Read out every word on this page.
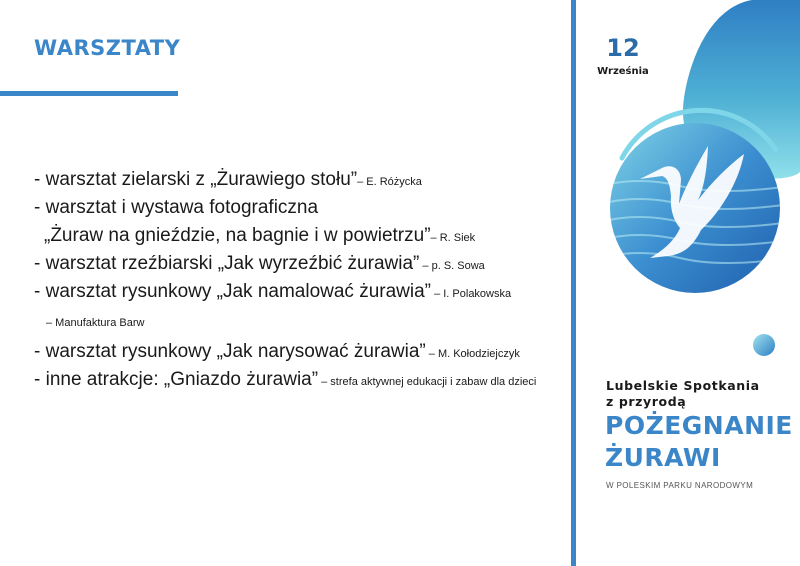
WARSZTATY
- warsztat zielarski z „Żurawiego stołu”– E. Różycka
- warsztat i wystawa fotograficzna
„Żuraw na gnieździe, na bagnie i w powietrzu”– R. Siek
- warsztat rzeźbiarski „Jak wyrzeźbić żurawia” – p. S. Sowa
- warsztat rysunkowy „Jak namalować żurawia” – I. Polakowska
– Manufaktura Barw
- warsztat rysunkowy „Jak narysować żurawia” – M. Kołodziejczyk
- inne atrakcje: „Gniazdo żurawia” – strefa aktywnej edukacji i zabaw dla dzieci
12
Września
Lubelskie Spotkania
z przyrodą
POŻEGNANIE
ŻURAWI
W POLESKIM PARKU NARODOWYM
